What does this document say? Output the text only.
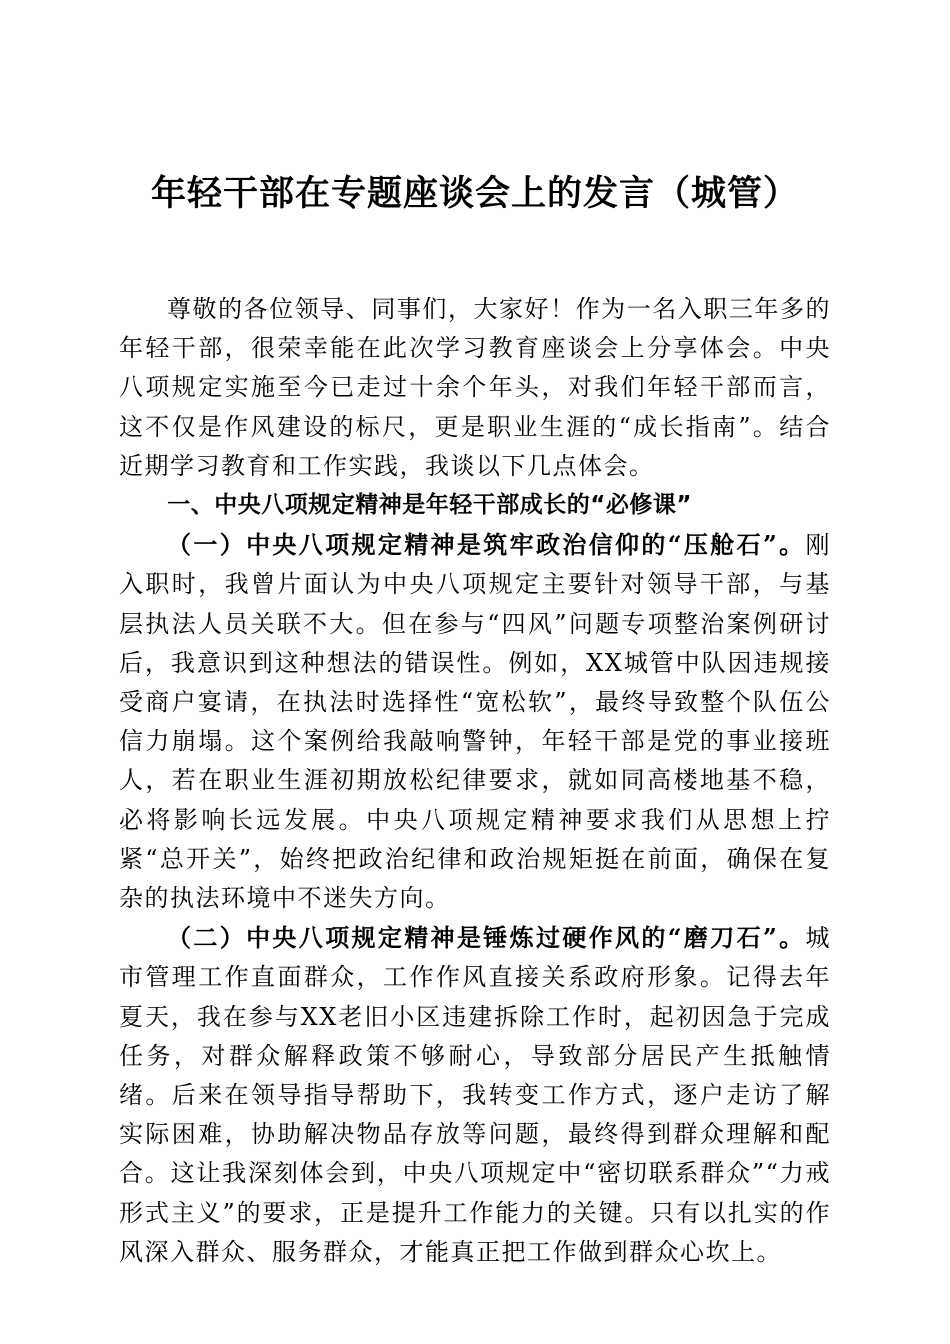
年轻干部在专题座谈会上的发言（城管）

尊敬的各位领导、同事们，大家好！作为一名入职三年多的年轻干部，很荣幸能在此次学习教育座谈会上分享体会。中央八项规定实施至今已走过十余个年头，对我们年轻干部而言，这不仅是作风建设的标尺，更是职业生涯的“成长指南”。结合近期学习教育和工作实践，我谈以下几点体会。

一、中央八项规定精神是年轻干部成长的“必修课”

（一）中央八项规定精神是筑牢政治信仰的“压舱石”。刚入职时，我曾片面认为中央八项规定主要针对领导干部，与基层执法人员关联不大。但在参与“四风”问题专项整治案例研讨后，我意识到这种想法的错误性。例如，XX城管中队因违规接受商户宴请，在执法时选择性“宽松软”，最终导致整个队伍公信力崩塌。这个案例给我敲响警钟，年轻干部是党的事业接班人，若在职业生涯初期放松纪律要求，就如同高楼地基不稳，必将影响长远发展。中央八项规定精神要求我们从思想上拧紧“总开关”，始终把政治纪律和政治规矩挺在前面，确保在复杂的执法环境中不迷失方向。

（二）中央八项规定精神是锤炼过硬作风的“磨刀石”。城市管理工作直面群众，工作作风直接关系政府形象。记得去年夏天，我在参与XX老旧小区违建拆除工作时，起初因急于完成任务，对群众解释政策不够耐心，导致部分居民产生抵触情绪。后来在领导指导帮助下，我转变工作方式，逐户走访了解实际困难，协助解决物品存放等问题，最终得到群众理解和配合。这让我深刻体会到，中央八项规定中“密切联系群众”“力戒形式主义”的要求，正是提升工作能力的关键。只有以扎实的作风深入群众、服务群众，才能真正把工作做到群众心坎上。
